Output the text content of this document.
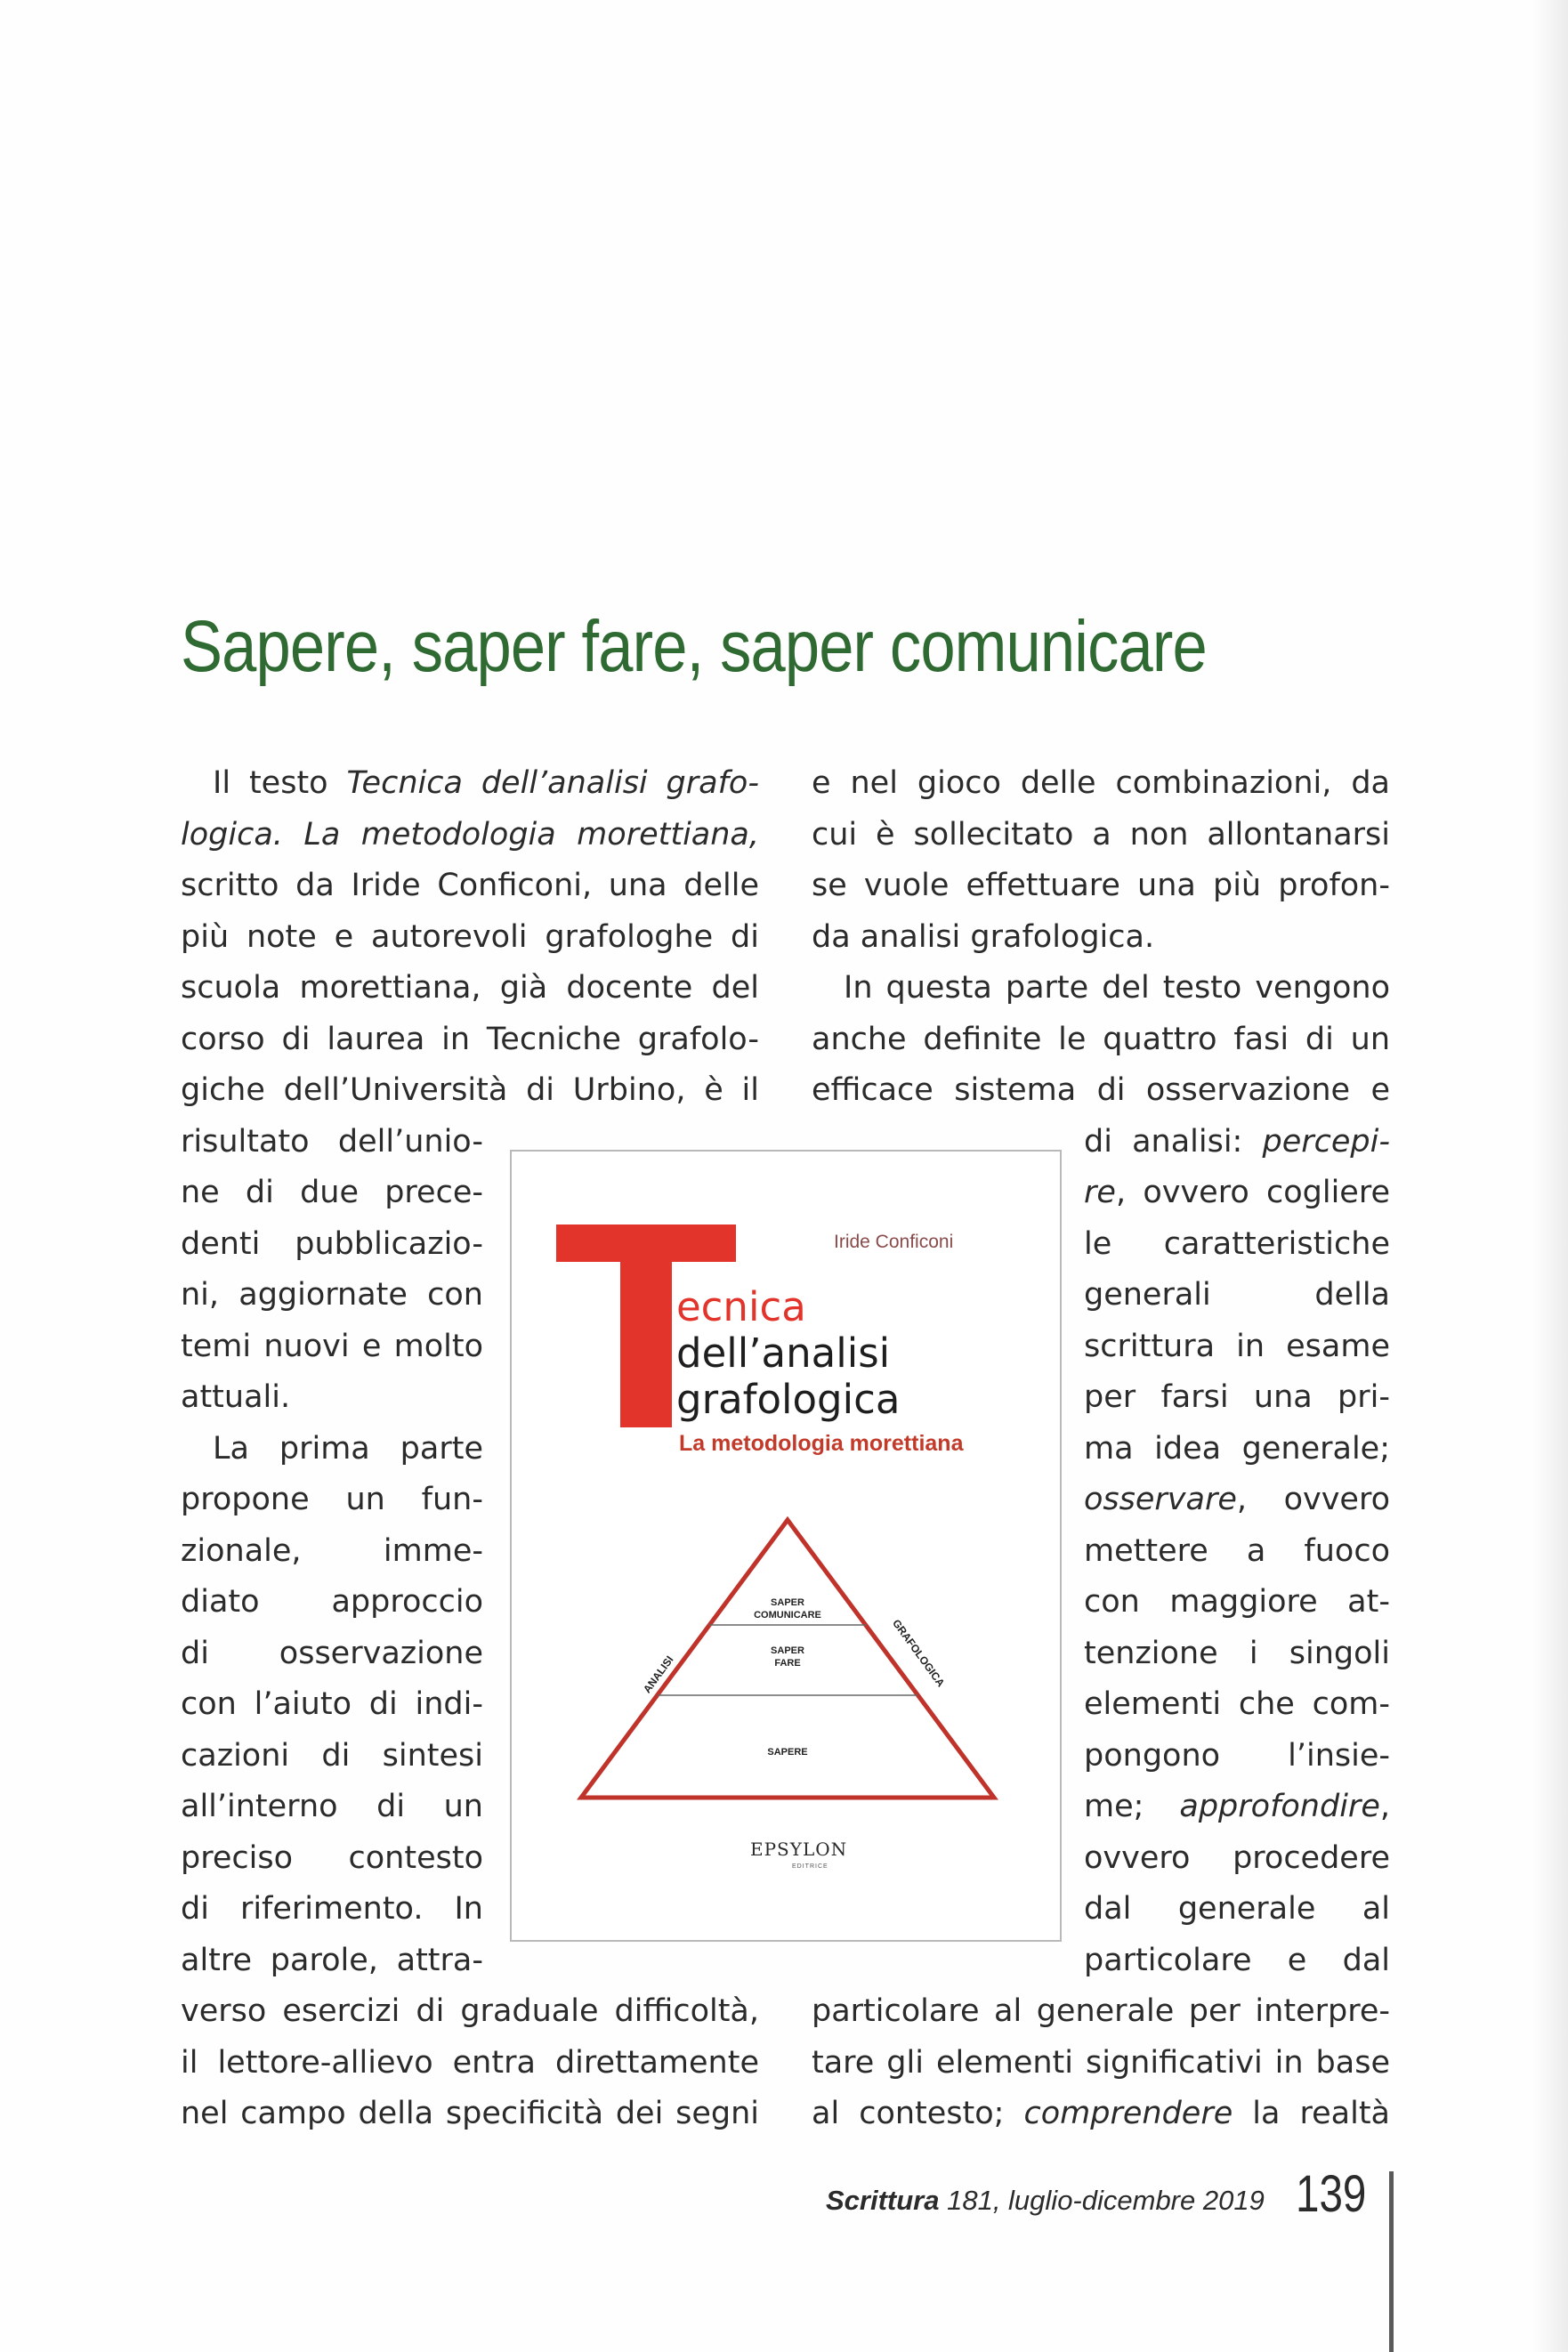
Sapere, saper fare, saper comunicare
Il testo Tecnica dell’analisi grafo-
logica. La metodologia morettiana,
scritto da Iride Conficoni, una delle
più note e autorevoli grafologhe di
scuola morettiana, già docente del
corso di laurea in Tecniche grafolo-
giche dell’Università di Urbino, è il
risultato dell’unio-
ne di due prece-
denti pubblicazio-
ni, aggiornate con
temi nuovi e molto
attuali.
La prima parte
propone un fun-
zionale, imme-
diato approccio
di osservazione
con l’aiuto di indi-
cazioni di sintesi
all’interno di un
preciso contesto
di riferimento. In
altre parole, attra-
verso esercizi di graduale difficoltà,
il lettore-allievo entra direttamente
nel campo della specificità dei segni
e nel gioco delle combinazioni, da
cui è sollecitato a non allontanarsi
se vuole effettuare una più profon-
da analisi grafologica.
In questa parte del testo vengono
anche definite le quattro fasi di un
efficace sistema di osservazione e
di analisi: percepi-
re, ovvero cogliere
le caratteristiche
generali della
scrittura in esame
per farsi una pri-
ma idea generale;
osservare, ovvero
mettere a fuoco
con maggiore at-
tenzione i singoli
elementi che com-
pongono l’insie-
me; approfondire,
ovvero procedere
dal generale al
particolare e dal
particolare al generale per interpre-
tare gli elementi significativi in base
al contesto; comprendere la realtà
Iride Conficoni
ecnica
dell’analisi
grafologica
La metodologia morettiana
SAPER
COMUNICARE
SAPER
FARE
SAPERE
ANALISI	GRAFOLOGICA
EPSYLON
EDITRICE
Scrittura 181, luglio-dicembre 2019 139
